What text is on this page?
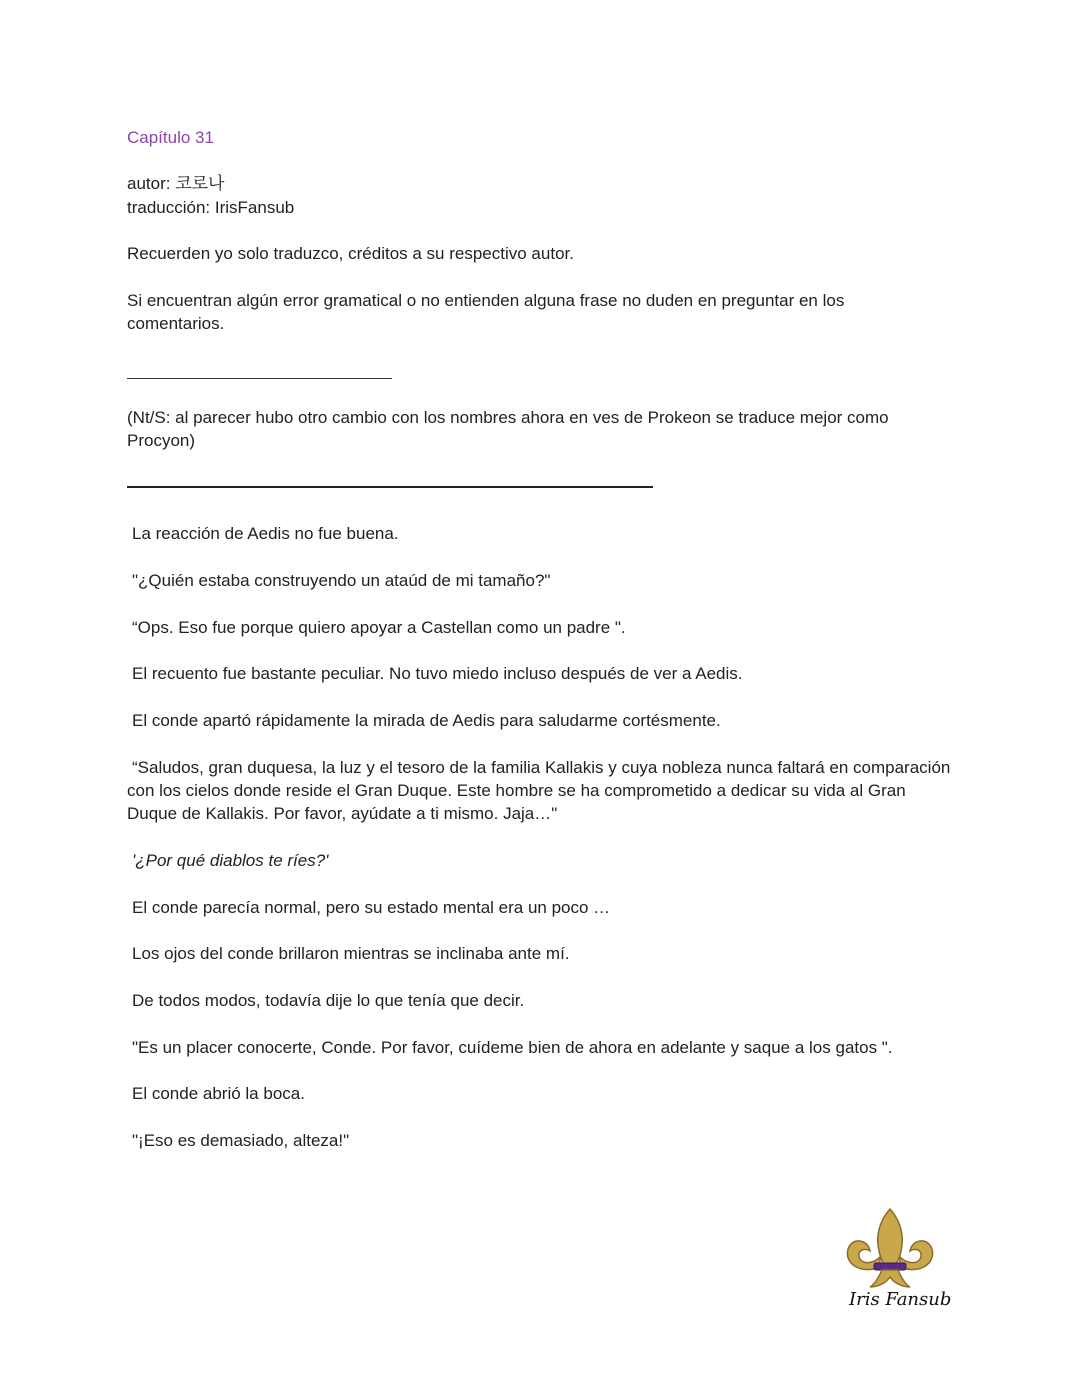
Capítulo 31
autor: 코로나
traducción: IrisFansub
Recuerden yo solo traduzco, créditos a su respectivo autor.
Si encuentran algún error gramatical o no entienden alguna frase no duden en preguntar en los comentarios.
(Nt/S: al parecer hubo otro cambio con los nombres ahora en ves de Prokeon se traduce mejor como Procyon)
La reacción de Aedis no fue buena.
"¿Quién estaba construyendo un ataúd de mi tamaño?"
“Ops. Eso fue porque quiero apoyar a Castellan como un padre ".
El recuento fue bastante peculiar. No tuvo miedo incluso después de ver a Aedis.
El conde apartó rápidamente la mirada de Aedis para saludarme cortésmente.
“Saludos, gran duquesa, la luz y el tesoro de la familia Kallakis y cuya nobleza nunca faltará en comparación con los cielos donde reside el Gran Duque. Este hombre se ha comprometido a dedicar su vida al Gran Duque de Kallakis. Por favor, ayúdate a ti mismo. Jaja…"
'¿Por qué diablos te ríes?'
El conde parecía normal, pero su estado mental era un poco …
Los ojos del conde brillaron mientras se inclinaba ante mí.
De todos modos, todavía dije lo que tenía que decir.
"Es un placer conocerte, Conde. Por favor, cuídeme bien de ahora en adelante y saque a los gatos ".
El conde abrió la boca.
"¡Eso es demasiado, alteza!"
Iris Fansub
